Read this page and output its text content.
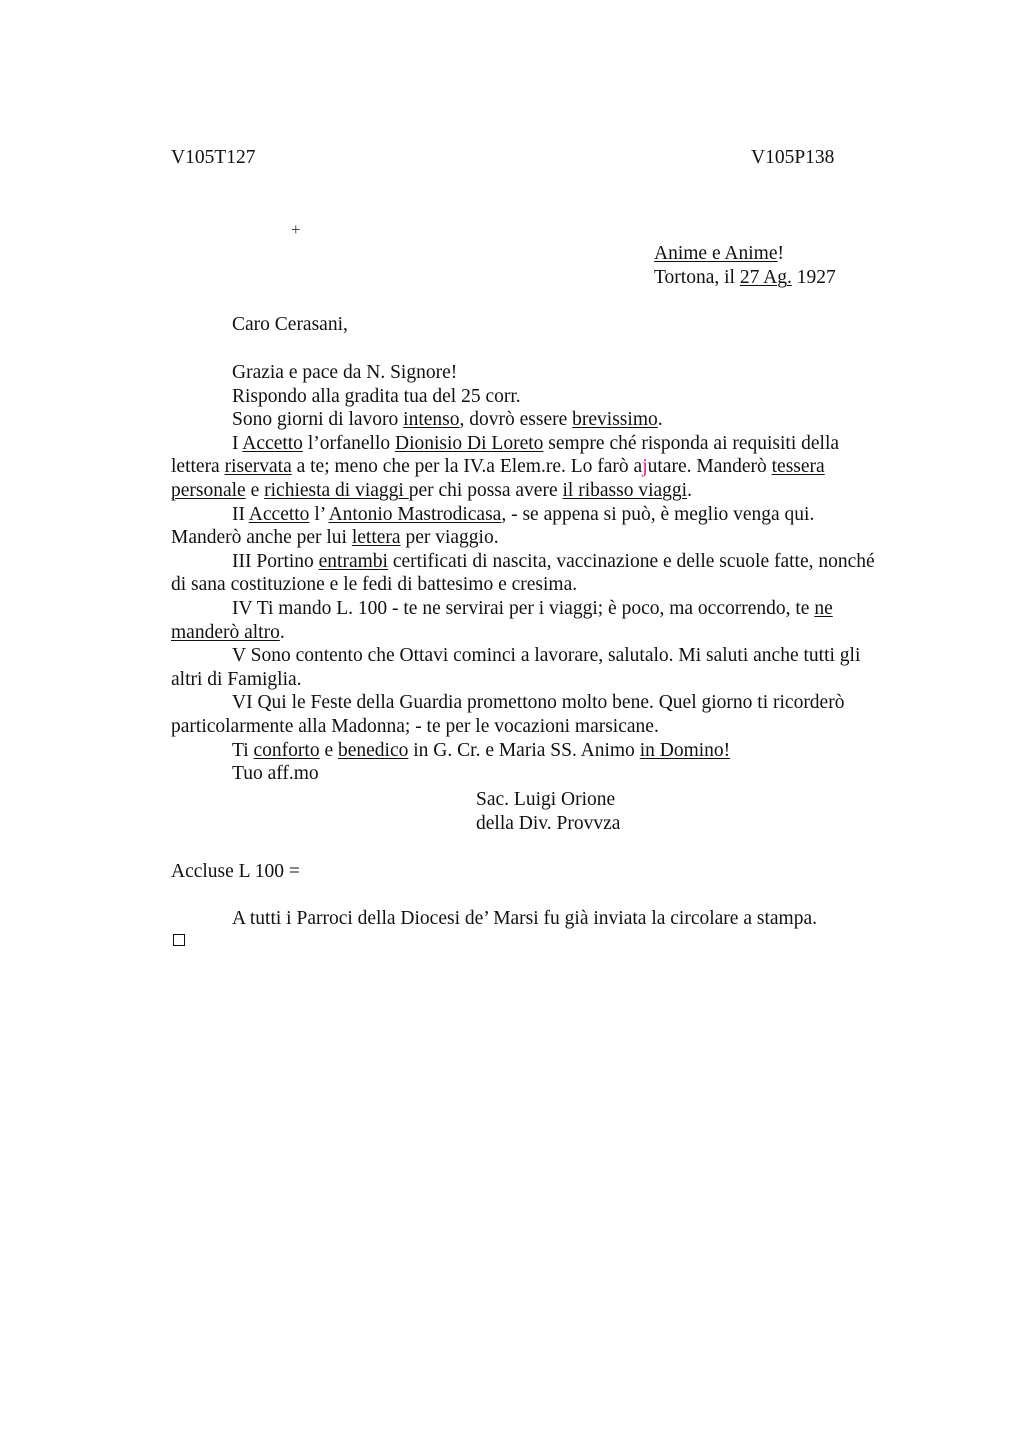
V105T127	V105P138
+
Anime e Anime!
Tortona, il 27 Ag. 1927
Caro Cerasani,
Grazia e pace da N. Signore!
Rispondo alla gradita tua del 25 corr.
Sono giorni di lavoro intenso, dovrò essere brevissimo.
I Accetto l’orfanello Dionisio Di Loreto sempre ché risponda ai requisiti della
lettera riservata a te; meno che per la IV.a Elem.re. Lo farò ajutare. Manderò tessera
personale e richiesta di viaggi per chi possa avere il ribasso viaggi.
II Accetto l’ Antonio Mastrodicasa, - se appena si può, è meglio venga qui.
Manderò anche per lui lettera per viaggio.
III Portino entrambi certificati di nascita, vaccinazione e delle scuole fatte, nonché
di sana costituzione e le fedi di battesimo e cresima.
IV Ti mando L. 100 - te ne servirai per i viaggi; è poco, ma occorrendo, te ne
manderò altro.
V Sono contento che Ottavi cominci a lavorare, salutalo. Mi saluti anche tutti gli
altri di Famiglia.
VI Qui le Feste della Guardia promettono molto bene. Quel giorno ti ricorderò
particolarmente alla Madonna; - te per le vocazioni marsicane.
Ti conforto e benedico in G. Cr. e Maria SS. Animo in Domino!
Tuo aff.mo
Sac. Luigi Orione
della Div. Provvza
Accluse L 100 =
A tutti i Parroci della Diocesi de’ Marsi fu già inviata la circolare a stampa.
